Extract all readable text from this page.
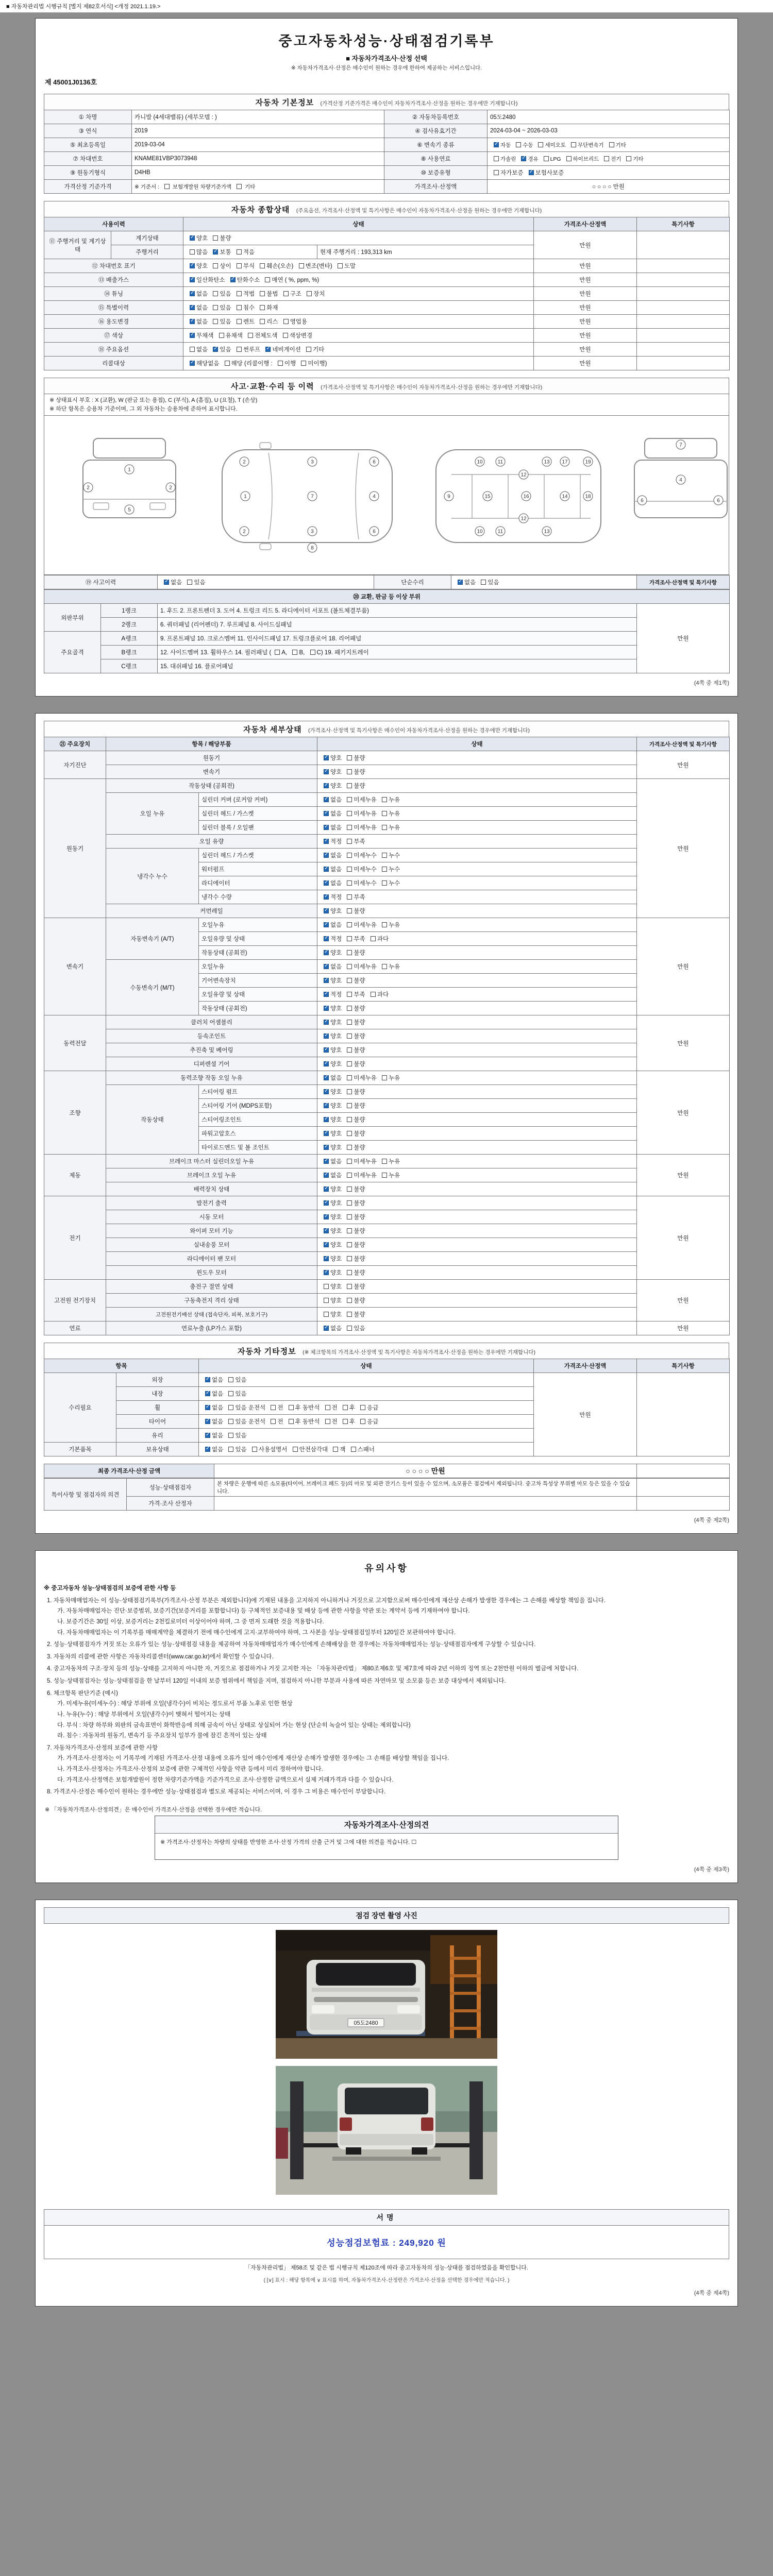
■ 자동차관리법 시행규칙 [별지 제82호서식] <개정 2021.1.19.>
중고자동차성능·상태점검기록부
■ 자동차가격조사·산정 선택
※ 자동차가격조사·산정은 매수인이 원하는 경우에 한하여 제공하는 서비스입니다.
제 45001J0136호
자동차 기본정보 (가격산정 기준가격은 매수인이 자동차가격조사·산정을 원하는 경우에만 기재합니다)
① 차명	카니발 (4세대밸류) (세부모델 : )	② 자동차등록번호	05도2480
③ 연식	2019	④ 검사유효기간	2024-03-04 ~ 2026-03-03
⑤ 최초등록일	2019-03-04	⑥ 변속기 종류	✓자동 수동 세미오토 무단변속기 기타
⑦ 차대번호	KNAME81VBP3073948	⑧ 사용연료	가솔린 ✓경유 LPG 하이브리드 전기 기타
⑨ 원동기형식	D4HB	⑩ 보증유형	자가보증 ✓보험사보증
가격산정 기준가격	※ 기준서 :  보험개발원 차량기준가액  기타	가격조사·산정액	○ ○ ○ ○ 만원
자동차 종합상태 (주요옵션, 가격조사·산정액 및 특기사항은 매수인이 자동차가격조사·산정을 원하는 경우에만 기재합니다)
사용이력		상태		가격조사·산정액	특기사항
⑪ 주행거리 및 계기상태	계기상태	✓양호 불량		만원	
	주행거리	많음 ✓보통 적음	현재 주행거리 : 193,313 km		
⑫ 차대번호 표기	✓양호 상이 부식 훼손(오손) 변조(변타) 도말		만원	
⑬ 배출가스	✓일산화탄소 ✓탄화수소 매연 ( %, ppm, %)		만원	
⑭ 튜닝	✓없음 있음 적법 불법 구조 장치		만원	
⑮ 특별이력	✓없음 있음 침수 화재		만원	
⑯ 용도변경	✓없음 있음 렌트 리스 영업용		만원	
⑰ 색상	✓무채색 유채색 전체도색 색상변경		만원	
⑱ 주요옵션		없음 ✓있음 썬루프 ✓네비게이션 기타		만원	
리콜대상	✓해당없음 해당 (리콜이행 : 이행 미이행)		만원	
사고·교환·수리 등 이력 (가격조사·산정액 및 특기사항은 매수인이 자동차가격조사·산정을 원하는 경우에만 기재합니다)
※ 상태표시 부호 : X (교환), W (판금 또는 용접), C (부식), A (흠집), U (요철), T (손상)
※ 하단 항목은 승용차 기준이며, 그 외 자동차는 승용차에 준하여 표시합니다.
1
5
2	2
1	7	4
3
3
2
2
6
6
8
9
10
10
11
11
12
12
13
13
15	16	14
17	19
18
7
4
6	6
⑲ 사고이력	✓없음 있음	단순수리	✓없음 있음	가격조사·산정액 및 특기사항
⑳ 교환, 판금 등 이상 부위			
외판부위	1랭크	1. 후드 2. 프론트펜더 3. 도어 4. 트렁크 리드 5. 라디에이터 서포트 (볼트체결부품)	만원
	2랭크	6. 쿼터패널 (리어펜더) 7. 루프패널 8. 사이드실패널	
주요골격	A랭크	9. 프론트패널 10. 크로스멤버 11. 인사이드패널 17. 트렁크플로어 18. 리어패널	
	B랭크	12. 사이드멤버 13. 휠하우스 14. 필러패널 ( A, B, C) 19. 패키지트레이	
	C랭크	15. 대쉬패널 16. 플로어패널	
(4쪽 중 제1쪽)
자동차 세부상태 (가격조사·산정액 및 특기사항은 매수인이 자동차가격조사·산정을 원하는 경우에만 기재합니다)
㉑ 주요장치	항목 / 해당부품		상태	가격조사·산정액 및 특기사항
자기진단	원동기	✓양호 불량	만원
	변속기	✓양호 불량
원동기	작동상태 (공회전)	✓양호 불량	만원
	오일 누유	실린더 커버 (로커암 커버)	✓없음 미세누유 누유
		실린더 헤드 / 가스켓	✓없음 미세누유 누유
		실린더 블록 / 오일팬	✓없음 미세누유 누유
	오일 유량	✓적정 부족
	냉각수 누수	실린더 헤드 / 가스켓	✓없음 미세누수 누수
		워터펌프	✓없음 미세누수 누수
		라디에이터	✓없음 미세누수 누수
		냉각수 수량	✓적정 부족
	커먼레일	✓양호 불량
변속기	자동변속기 (A/T)	오일누유	✓없음 미세누유 누유	만원
		오일유량 및 상태	✓적정 부족 과다
		작동상태 (공회전)	✓양호 불량
	수동변속기 (M/T)	오일누유	✓없음 미세누유 누유
		기어변속장치	✓양호 불량
		오일유량 및 상태	✓적정 부족 과다
		작동상태 (공회전)	✓양호 불량
동력전달	클러치 어셈블리	✓양호 불량	만원
	등속조인트	✓양호 불량
	추진축 및 베어링	✓양호 불량
	디퍼렌셜 기어	✓양호 불량
조향	동력조향 작동 오일 누유	✓없음 미세누유 누유	만원
	작동상태	스티어링 펌프	✓양호 불량
		스티어링 기어 (MDPS포함)	✓양호 불량
		스티어링조인트	✓양호 불량
		파워고압호스	✓양호 불량
		타이로드엔드 및 볼 조인트	✓양호 불량
제동	브레이크 마스터 실린더오일 누유	✓없음 미세누유 누유	만원
	브레이크 오일 누유	✓없음 미세누유 누유
	배력장치 상태	✓양호 불량
전기	발전기 출력	✓양호 불량	만원
	시동 모터	✓양호 불량
	와이퍼 모터 기능	✓양호 불량
	실내송풍 모터	✓양호 불량
	라디에이터 팬 모터	✓양호 불량
	윈도우 모터	✓양호 불량
고전원 전기장치	충전구 절연 상태		양호 불량	만원
	구동축전지 격리 상태		양호 불량	
	고전원전기배선 상태 (접속단자, 피복, 보호기구)		양호 불량	
연료	연료누출 (LP가스 포함)	✓없음 있음	만원
자동차 기타정보 (※ 체크항목의 가격조사·산정액 및 특기사항은 자동차가격조사·산정을 원하는 경우에만 기재합니다)
항목		상태	가격조사·산정액	특기사항
수리필요	외장	✓없음 있음	만원	
	내장	✓없음 있음
	휠	✓없음 있음 운전석 전 후 동반석 전 후 응급
	타이어	✓없음 있음 운전석 전 후 동반석 전 후 응급
	유리	✓없음 있음
기본품목	보유상태	✓없음 있음 사용설명서 안전삼각대 잭 스패너
최종 가격조사·산정 금액	○ ○ ○ ○ 만원	
특이사항 및 점검자의 의견	성능·상태점검자	본 차량은 운행에 따른 소모품(타이어, 브레이크 패드 등)의 마모 및 외관 잔기스 등이 있을 수 있으며, 소모품은 점검에서 제외됩니다. 중고차 특성상 부위별 마모 등은 있을 수 있습니다.	
	가격·조사 산정자		
(4쪽 중 제2쪽)
유의사항
※ 중고자동차 성능·상태점검의 보증에 관한 사항 등
1. 자동차매매업자는 이 성능·상태점검기록부(가격조사·산정 부분은 제외합니다)에 기재된 내용을 고지하지 아니하거나 거짓으로 고지함으로써 매수인에게 재산상 손해가 발생한 경우에는 그 손해를 배상할 책임을 집니다.
가. 자동차매매업자는 진단·보증범위, 보증기간(보증거리를 포함합니다) 등 구체적인 보증내용 및 배상 등에 관한 사항을 약관 또는 계약서 등에 기재하여야 합니다.
나. 보증기간은 30일 이상, 보증거리는 2천킬로미터 이상이어야 하며, 그 중 먼저 도래한 것을 적용합니다.
다. 자동차매매업자는 이 기록부를 매매계약을 체결하기 전에 매수인에게 고지·교부하여야 하며, 그 사본을 성능·상태점검일부터 120일간 보관하여야 합니다.
2. 성능·상태점검자가 거짓 또는 오류가 있는 성능·상태점검 내용을 제공하여 자동차매매업자가 매수인에게 손해배상을 한 경우에는 자동차매매업자는 성능·상태점검자에게 구상할 수 있습니다.
3. 자동차의 리콜에 관한 사항은 자동차리콜센터(www.car.go.kr)에서 확인할 수 있습니다.
4. 중고자동차의 구조·장치 등의 성능·상태를 고지하지 아니한 자, 거짓으로 점검하거나 거짓 고지한 자는 「자동차관리법」 제80조제6호 및 제7호에 따라 2년 이하의 징역 또는 2천만원 이하의 벌금에 처합니다.
5. 성능·상태점검자는 성능·상태점검을 한 날부터 120일 이내의 보증 범위에서 책임을 지며, 점검하지 아니한 부분과 사용에 따른 자연마모 및 소모품 등은 보증 대상에서 제외됩니다.
6. 체크항목 판단기준 (예시)
가. 미세누유(미세누수) : 해당 부위에 오일(냉각수)이 비치는 정도로서 부품 노후로 인한 현상
나. 누유(누수) : 해당 부위에서 오일(냉각수)이 맺혀서 떨어지는 상태
다. 부식 : 차량 하부와 외판의 금속표면이 화학반응에 의해 금속이 아닌 상태로 상실되어 가는 현상 (단순히 녹슬어 있는 상태는 제외합니다)
라. 침수 : 자동차의 원동기, 변속기 등 주요장치 일부가 물에 잠긴 흔적이 있는 상태
7. 자동차가격조사·산정의 보증에 관한 사항
가. 가격조사·산정자는 이 기록부에 기재된 가격조사·산정 내용에 오류가 있어 매수인에게 재산상 손해가 발생한 경우에는 그 손해를 배상할 책임을 집니다.
나. 가격조사·산정자는 가격조사·산정의 보증에 관한 구체적인 사항을 약관 등에서 미리 정하여야 합니다.
다. 가격조사·산정액은 보험개발원이 정한 차량기준가액을 기준가격으로 조사·산정한 금액으로서 실제 거래가격과 다를 수 있습니다.
8. 가격조사·산정은 매수인이 원하는 경우에만 성능·상태점검과 별도로 제공되는 서비스이며, 이 경우 그 비용은 매수인이 부담합니다.
※ 「자동차가격조사·산정의견」은 매수인이 가격조사·산정을 선택한 경우에만 적습니다.
자동차가격조사·산정의견
※ 가격조사·산정자는 차량의 상태를 반영한 조사·산정 가격의 산출 근거 및 그에 대한 의견을 적습니다. ☐
(4쪽 중 제3쪽)
점검 장면 촬영 사진
05도2480
서명
성능점검보험료 : 249,920 원
「자동차관리법」 제58조 및 같은 법 시행규칙 제120조에 따라 중고자동차의 성능·상태를 점검하였음을 확인합니다.
( [∨] 표시 : 해당 항목에 ∨ 표시를 하며, 자동차가격조사·산정란은 가격조사·산정을 선택한 경우에만 적습니다. )
(4쪽 중 제4쪽)
